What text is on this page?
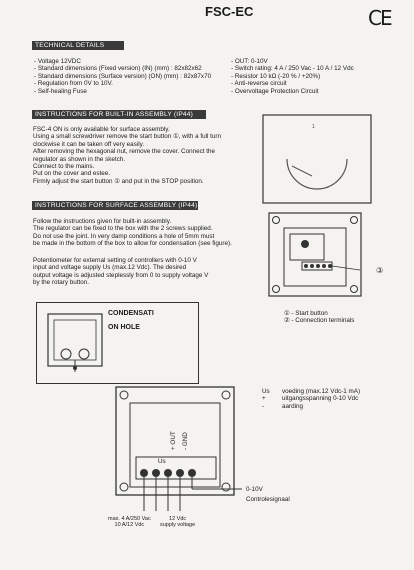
FSC-EC	CE
TECHNICAL DETAILS
- Voltage 12VDC
- Standard dimensions (Fixed version) (IN) (mm) : 82x82x62
- Standard dimensions (Surface version) (ON) (mm) : 82x87x70
- Regulation from 0V to 10V.
- Self-healing Fuse
- OUT: 0-10V
- Switch rating: 4 A / 250 Vac - 10 A / 12 Vdc
- Resistor 10 kΩ (-20 % / +20%)
- Anti-reverse circuit
- Overvoltage Protection Circuit
INSTRUCTIONS FOR BUILT-IN ASSEMBLY (IP44)
FSC-4 ON is only available for surface assembly.
Using a small screwdriver remove the start button ①, with a full turn
clockwise it can be taken off very easily.
After removing the hexagonal nut, remove the cover. Connect the
regulator as shown in the sketch.
Connect to the mains.
Put on the cover and estee.
Firmly adjust the start button ① and put in the STOP position.
INSTRUCTIONS FOR SURFACE ASSEMBLY (IP44)
Follow the instructions given for built-in assembly.
The regulator can be fixed to the box with the 2 screws supplied.
Do not use the joint. In very damp conditions a hole of 5mm must
be made in the bottom of the box to allow for condensation (see figure).
Potentiometer for external setting of controllers with 0-10 V
input and voltage supply Us (max.12 Vdc). The desired
output voltage is adjusted steplessly from 0 to supply voltage V
by the rotary button.
1
③
① - Start button
② - Connection terminals
CONDENSATI
ON HOLE
Us voeding (max.12 Vdc-1 mA)
+	uitgangsspanning 0-10 Vdc
-	aarding
Us
+ OUT - GND
0-10V
Controlesignaal
max. 4 A/250 Vac
10 A/12 Vdc
12 Vdc
supply voltage
